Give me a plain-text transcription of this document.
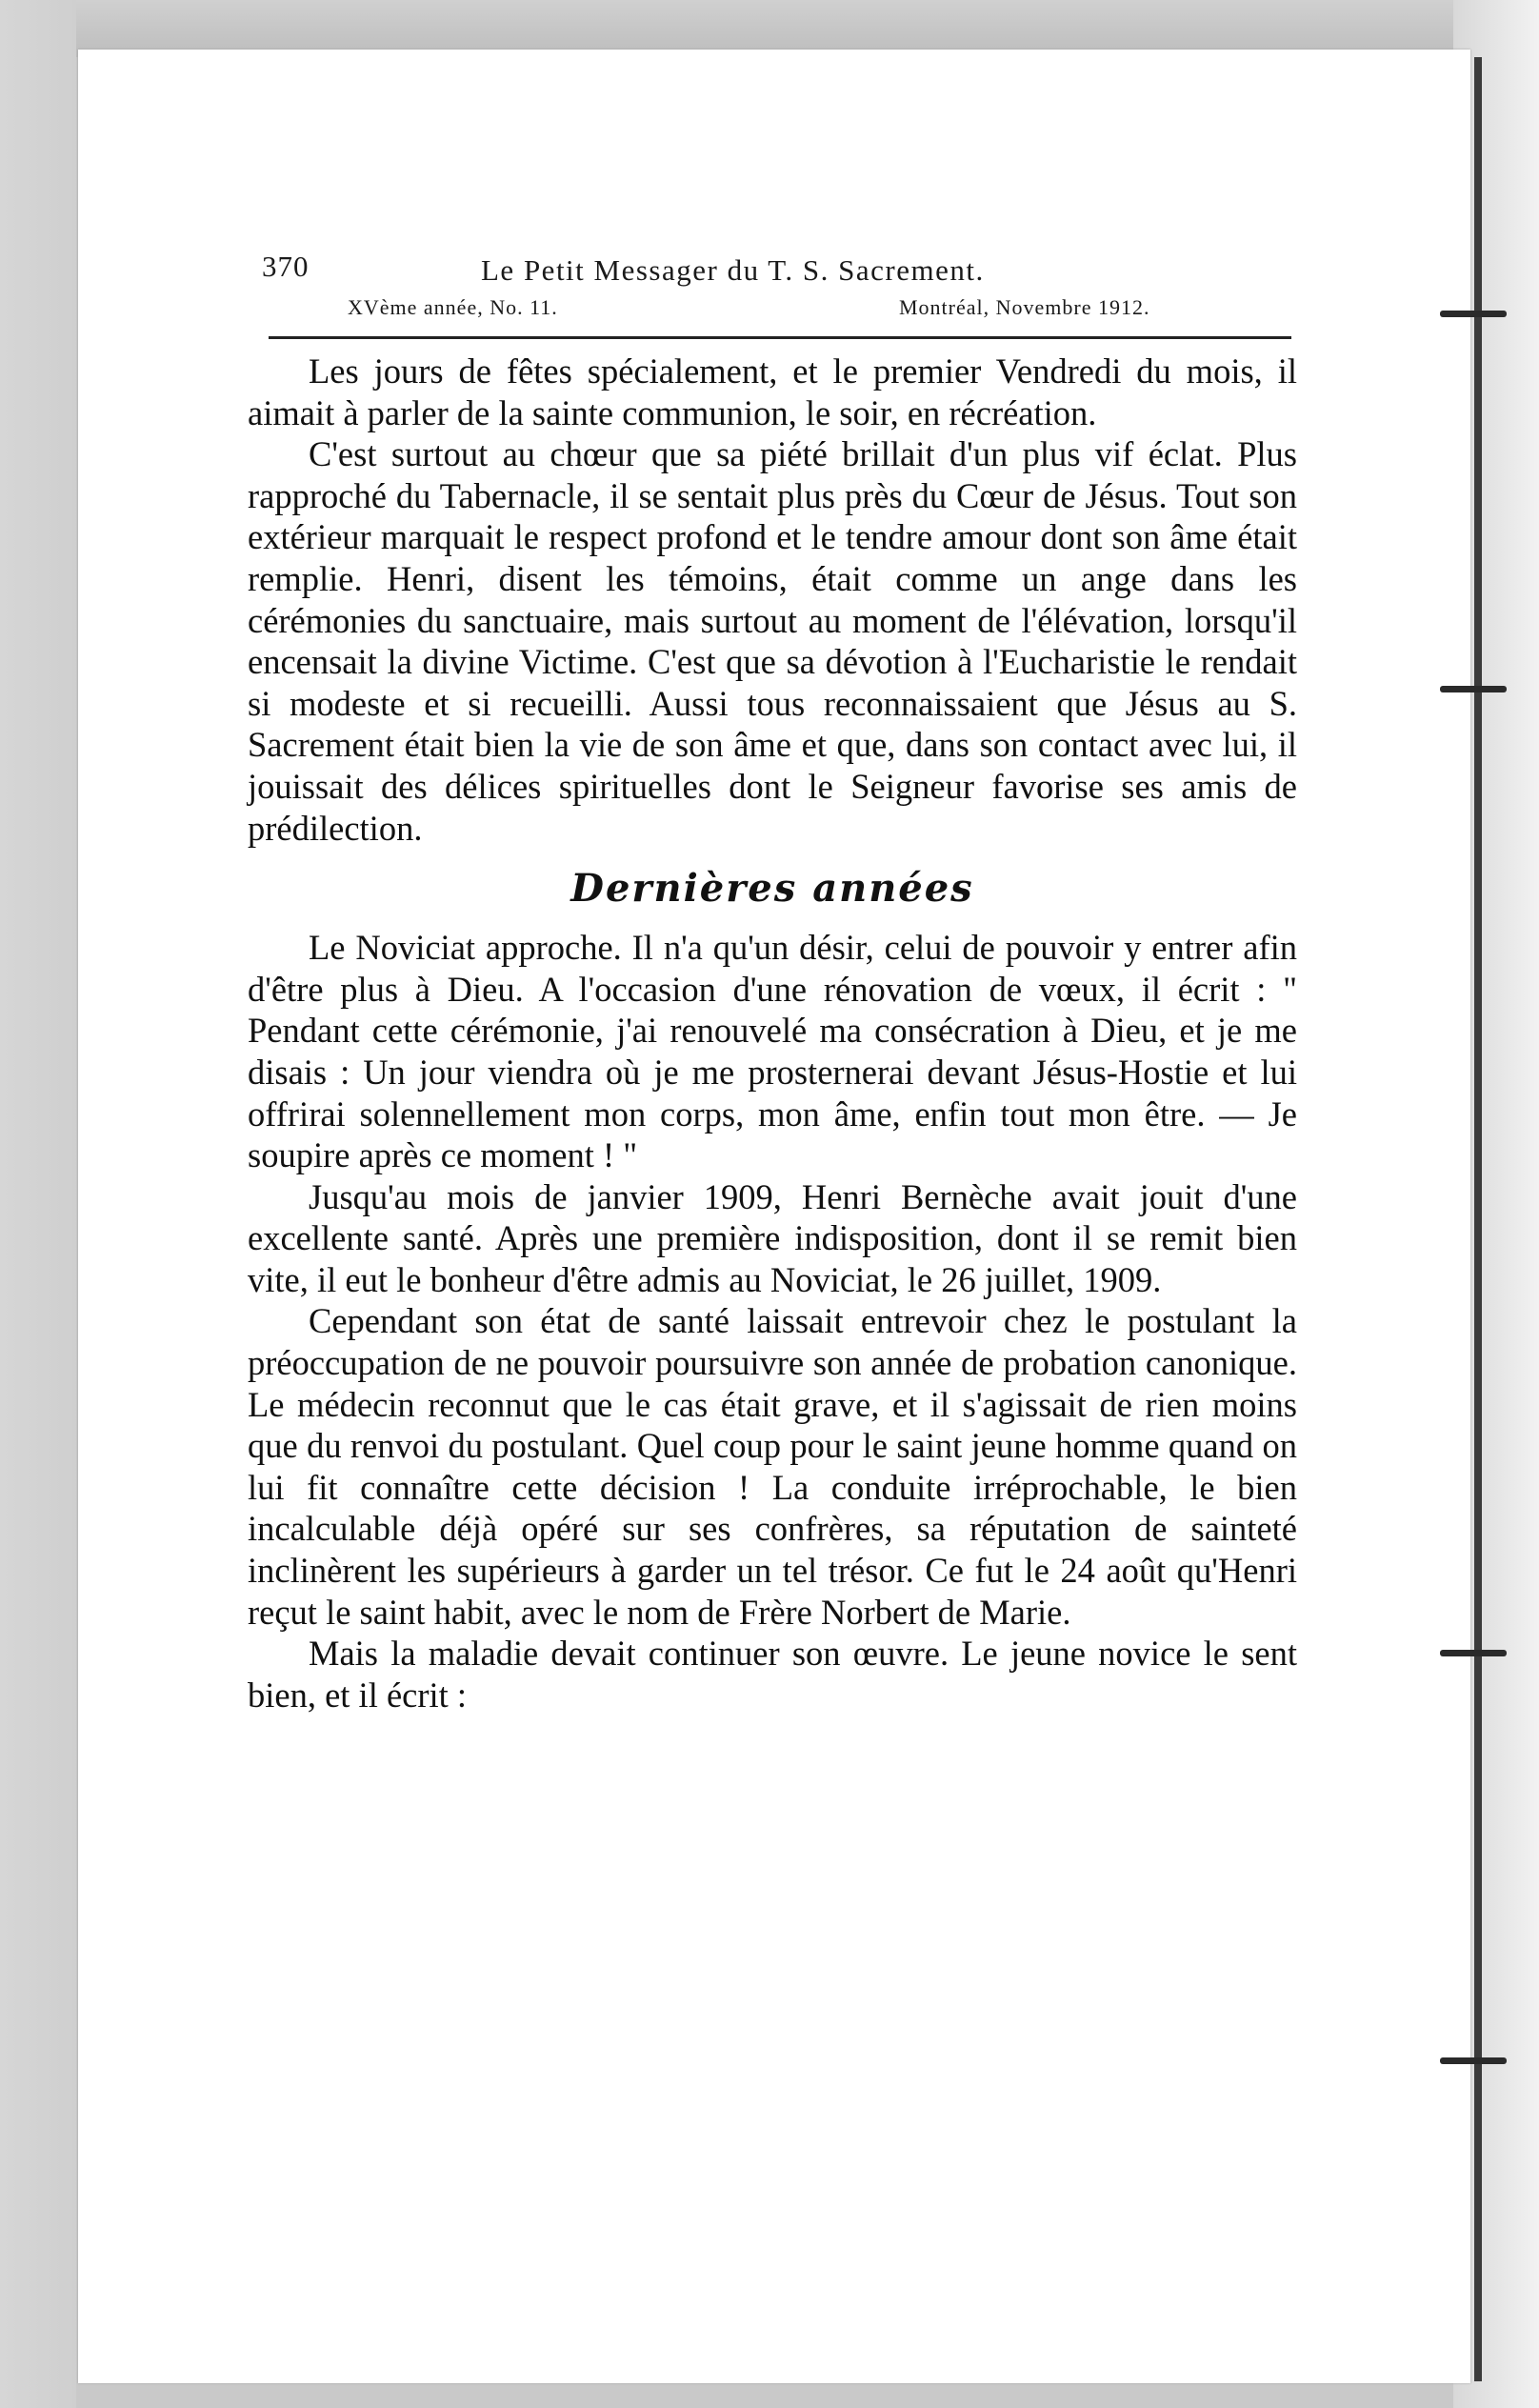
370	Le Petit Messager du T. S. Sacrement.
XVème année, No. 11.	Montréal, Novembre 1912.

Les jours de fêtes spécialement, et le premier Vendredi du mois, il aimait à parler de la sainte communion, le soir, en récréation.

C'est surtout au chœur que sa piété brillait d'un plus vif éclat. Plus rapproché du Tabernacle, il se sentait plus près du Cœur de Jésus. Tout son extérieur marquait le respect profond et le tendre amour dont son âme était remplie. Henri, disent les témoins, était comme un ange dans les cérémonies du sanctuaire, mais surtout au moment de l'élévation, lorsqu'il encensait la divine Victime. C'est que sa dévotion à l'Eucharistie le rendait si modeste et si recueilli. Aussi tous reconnaissaient que Jésus au S. Sacrement était bien la vie de son âme et que, dans son contact avec lui, il jouissait des délices spirituelles dont le Seigneur favorise ses amis de prédilection.

Dernières années

Le Noviciat approche. Il n'a qu'un désir, celui de pouvoir y entrer afin d'être plus à Dieu. A l'occasion d'une rénovation de vœux, il écrit : " Pendant cette cérémonie, j'ai renouvelé ma consécration à Dieu, et je me disais : Un jour viendra où je me prosternerai devant Jésus-Hostie et lui offrirai solennellement mon corps, mon âme, enfin tout mon être. — Je soupire après ce moment ! "

Jusqu'au mois de janvier 1909, Henri Bernèche avait jouit d'une excellente santé. Après une première indisposition, dont il se remit bien vite, il eut le bonheur d'être admis au Noviciat, le 26 juillet, 1909.

Cependant son état de santé laissait entrevoir chez le postulant la préoccupation de ne pouvoir poursuivre son année de probation canonique. Le médecin reconnut que le cas était grave, et il s'agissait de rien moins que du renvoi du postulant. Quel coup pour le saint jeune homme quand on lui fit connaître cette décision ! La conduite irréprochable, le bien incalculable déjà opéré sur ses confrères, sa réputation de sainteté inclinèrent les supérieurs à garder un tel trésor. Ce fut le 24 août qu'Henri reçut le saint habit, avec le nom de Frère Norbert de Marie.

Mais la maladie devait continuer son œuvre. Le jeune novice le sent bien, et il écrit :
